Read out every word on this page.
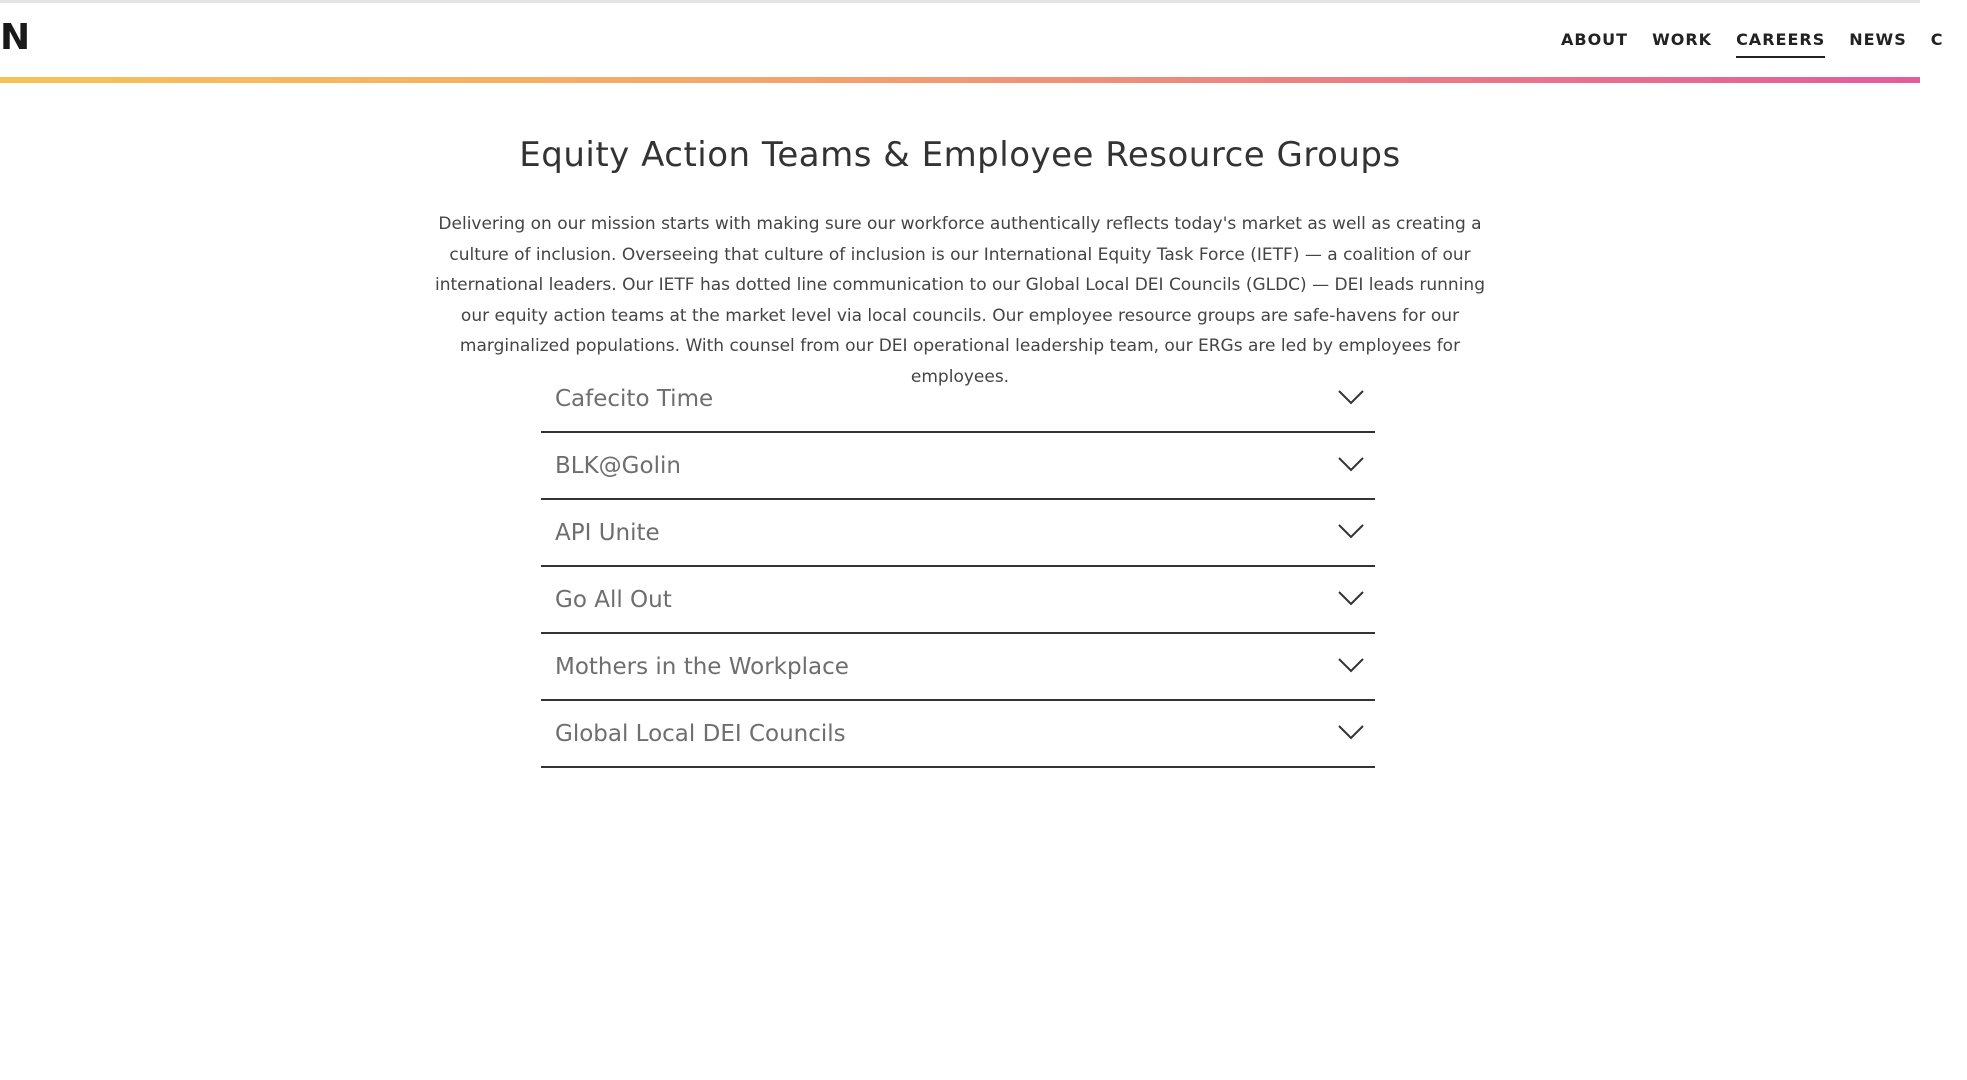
N	ABOUT WORK CAREERS NEWS C
Equity Action Teams & Employee Resource Groups

Delivering on our mission starts with making sure our workforce authentically reflects today's market as well as creating a culture of inclusion. Overseeing that culture of inclusion is our International Equity Task Force (IETF) — a coalition of our international leaders. Our IETF has dotted line communication to our Global Local DEI Councils (GLDC) — DEI leads running our equity action teams at the market level via local councils. Our employee resource groups are safe-havens for our marginalized populations. With counsel from our DEI operational leadership team, our ERGs are led by employees for employees.

Cafecito Time
BLK@Golin
API Unite
Go All Out
Mothers in the Workplace
Global Local DEI Councils
